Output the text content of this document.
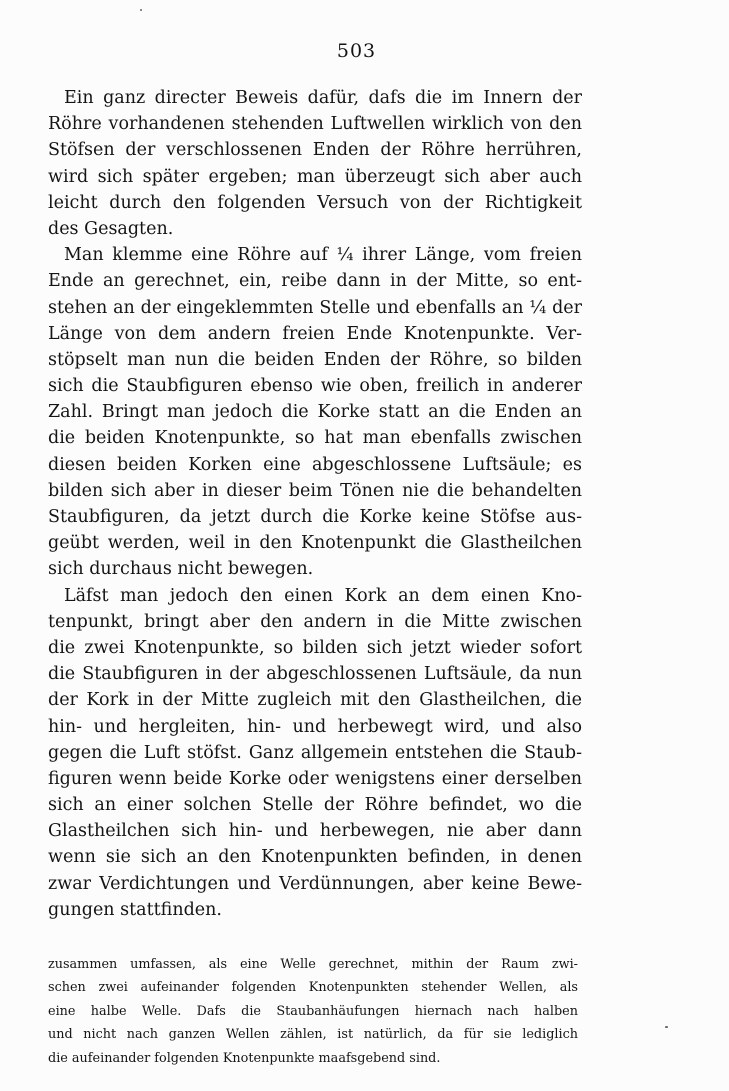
503
Ein ganz directer Beweis dafür, dafs die im Innern der
Röhre vorhandenen stehenden Luftwellen wirklich von den
Stöfsen der verschlossenen Enden der Röhre herrühren,
wird sich später ergeben; man überzeugt sich aber auch
leicht durch den folgenden Versuch von der Richtigkeit
des Gesagten.
Man klemme eine Röhre auf ¼ ihrer Länge, vom freien
Ende an gerechnet, ein, reibe dann in der Mitte, so ent-
stehen an der eingeklemmten Stelle und ebenfalls an ¼ der
Länge von dem andern freien Ende Knotenpunkte. Ver-
stöpselt man nun die beiden Enden der Röhre, so bilden
sich die Staubfiguren ebenso wie oben, freilich in anderer
Zahl. Bringt man jedoch die Korke statt an die Enden an
die beiden Knotenpunkte, so hat man ebenfalls zwischen
diesen beiden Korken eine abgeschlossene Luftsäule; es
bilden sich aber in dieser beim Tönen nie die behandelten
Staubfiguren, da jetzt durch die Korke keine Stöfse aus-
geübt werden, weil in den Knotenpunkt die Glastheilchen
sich durchaus nicht bewegen.
Läfst man jedoch den einen Kork an dem einen Kno-
tenpunkt, bringt aber den andern in die Mitte zwischen
die zwei Knotenpunkte, so bilden sich jetzt wieder sofort
die Staubfiguren in der abgeschlossenen Luftsäule, da nun
der Kork in der Mitte zugleich mit den Glastheilchen, die
hin- und hergleiten, hin- und herbewegt wird, und also
gegen die Luft stöfst. Ganz allgemein entstehen die Staub-
figuren wenn beide Korke oder wenigstens einer derselben
sich an einer solchen Stelle der Röhre befindet, wo die
Glastheilchen sich hin- und herbewegen, nie aber dann
wenn sie sich an den Knotenpunkten befinden, in denen
zwar Verdichtungen und Verdünnungen, aber keine Bewe-
gungen stattfinden.
zusammen umfassen, als eine Welle gerechnet, mithin der Raum zwi-
schen zwei aufeinander folgenden Knotenpunkten stehender Wellen, als
eine halbe Welle. Dafs die Staubanhäufungen hiernach nach halben
und nicht nach ganzen Wellen zählen, ist natürlich, da für sie lediglich
die aufeinander folgenden Knotenpunkte maafsgebend sind.
